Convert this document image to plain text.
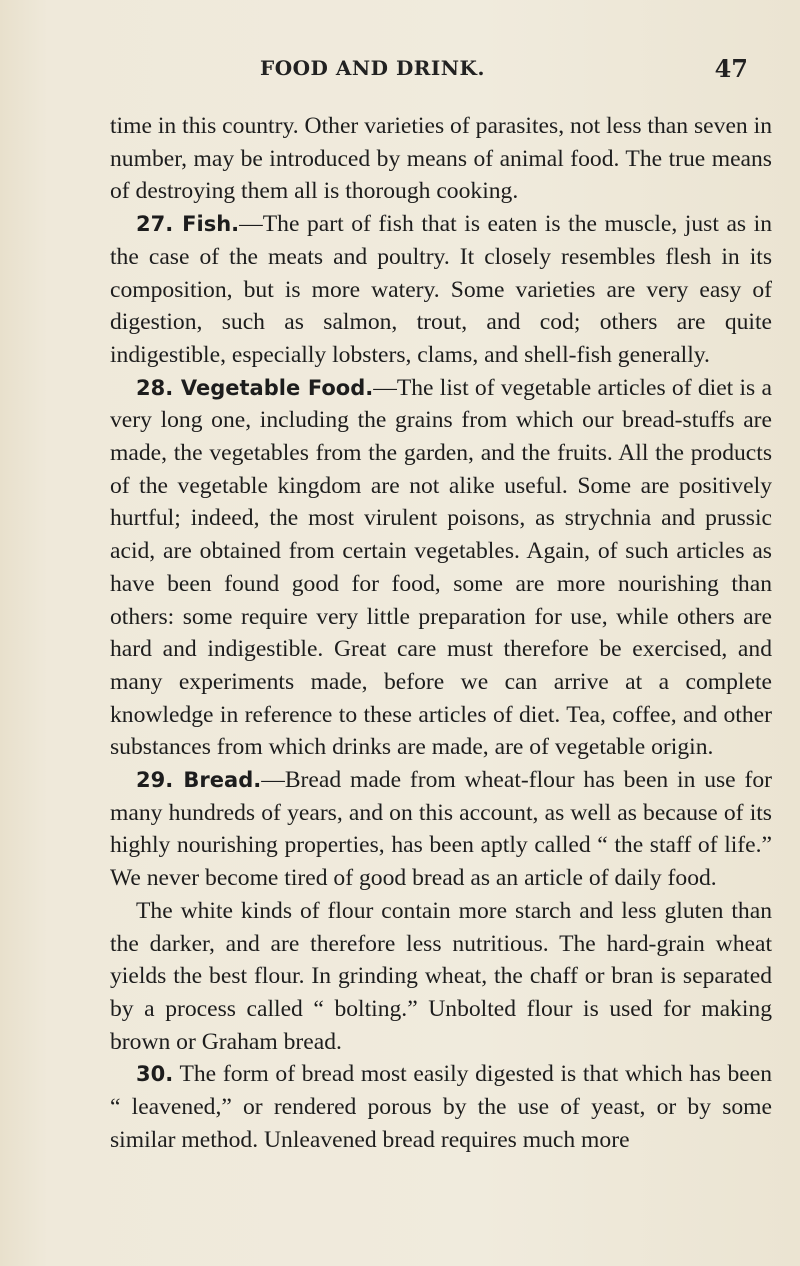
FOOD AND DRINK.	47

time in this country. Other varieties of parasites, not less than seven in number, may be introduced by means of animal food. The true means of destroying them all is thorough cooking.

27. Fish.—The part of fish that is eaten is the muscle, just as in the case of the meats and poultry. It closely resembles flesh in its composition, but is more watery. Some varieties are very easy of digestion, such as salmon, trout, and cod; others are quite indigestible, especially lobsters, clams, and shell-fish generally.

28. Vegetable Food.—The list of vegetable articles of diet is a very long one, including the grains from which our bread-stuffs are made, the vegetables from the garden, and the fruits. All the products of the vegetable kingdom are not alike useful. Some are positively hurtful; indeed, the most virulent poisons, as strychnia and prussic acid, are obtained from certain vegetables. Again, of such articles as have been found good for food, some are more nourishing than others: some require very little preparation for use, while others are hard and indigestible. Great care must therefore be exercised, and many experiments made, before we can arrive at a complete knowledge in reference to these articles of diet. Tea, coffee, and other substances from which drinks are made, are of vegetable origin.

29. Bread.—Bread made from wheat-flour has been in use for many hundreds of years, and on this account, as well as because of its highly nourishing properties, has been aptly called “ the staff of life.” We never become tired of good bread as an article of daily food.

The white kinds of flour contain more starch and less gluten than the darker, and are therefore less nutritious. The hard-grain wheat yields the best flour. In grinding wheat, the chaff or bran is separated by a process called “ bolting.” Unbolted flour is used for making brown or Graham bread.

30. The form of bread most easily digested is that which has been “ leavened,” or rendered porous by the use of yeast, or by some similar method. Unleavened bread requires much more
